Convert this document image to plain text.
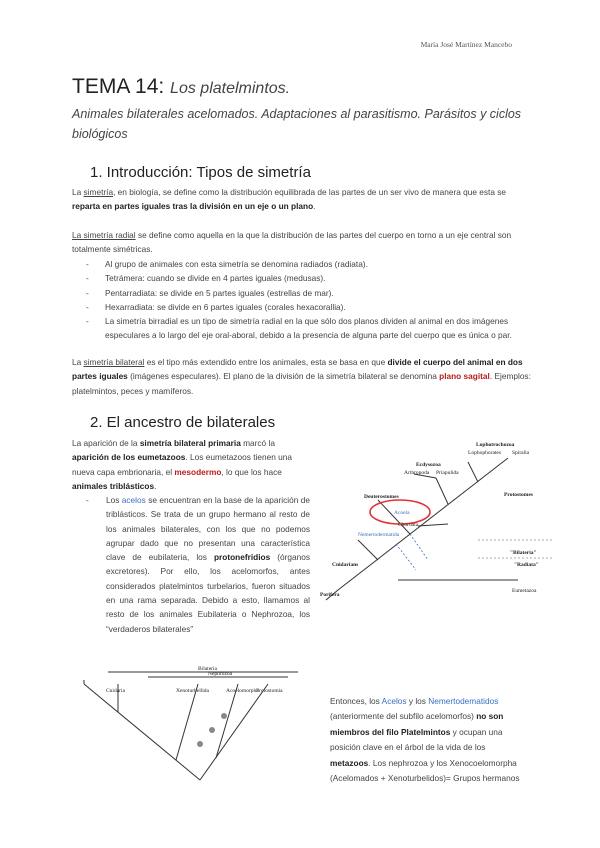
María José Martínez Mancebo
TEMA 14: Los platelmintos.
Animales bilaterales acelomados. Adaptaciones al parasitismo. Parásitos y ciclos biológicos
1. Introducción: Tipos de simetría
La simetría, en biología, se define como la distribución equilibrada de las partes de un ser vivo de manera que esta se reparta en partes iguales tras la división en un eje o un plano.
La simetría radial se define como aquella en la que la distribución de las partes del cuerpo en torno a un eje central son totalmente simétricas.
- Al grupo de animales con esta simetría se denomina radiados (radiata).
- Tetrámera: cuando se divide en 4 partes iguales (medusas).
- Pentarradiata: se divide en 5 partes iguales (estrellas de mar).
- Hexarradiata: se divide en 6 partes iguales (corales hexacorallia).
- La simetría birradial es un tipo de simetría radial en la que sólo dos planos dividen al animal en dos imágenes especulares a lo largo del eje oral-aboral, debido a la presencia de alguna parte del cuerpo que es única o par.
La simetría bilateral es el tipo más extendido entre los animales, esta se basa en que divide el cuerpo del animal en dos partes iguales (imágenes especulares). El plano de la división de la simetría bilateral se denomina plano sagital. Ejemplos: platelmintos, peces y mamíferos.
2. El ancestro de bilaterales
La aparición de la simetría bilateral primaria marcó la aparición de los eumetazoos. Los eumetazoos tienen una nueva capa embrionaria, el mesodermo, lo que los hace animales triblásticos.
- Los acelos se encuentran en la base de la aparición de triblásticos. Se trata de un grupo hermano al resto de los animales bilaterales, con los que no podemos agrupar dado que no presentan una característica clave de eubilateria, los protonefridios (órganos excretores). Por ello, los acelomorfos, antes considerados platelmintos turbelarios, fueron situados en una rama separada. Debido a esto, llamamos al resto de los animales Eubilateria o Nephrozoa, los “verdaderos bilaterales”
Entonces, los Acelos y los Nemertodematidos (anteriormente del subfilo acelomorfos) no son miembros del filo Platelmintos y ocupan una posición clave en el árbol de la vida de los metazoos. Los nephrozoa y los Xenocoelomorpha (Acelomados + Xenoturbelidos)= Grupos hermanos
Lophotrochozoa
Lophophorates Spiralia
Ecdysozoa
Arthropoda Priapulida
Deuterostomes	Protostomes
Acoela
Nemertodermatida
Chordata
Cnidarians
Porifera
Eumetazoa
"Bilateria"
"Radiata"
Bilateria
Nephrozoa
Cnidaria	Xenoturbellida	Acoelomorpha
Protostomia
